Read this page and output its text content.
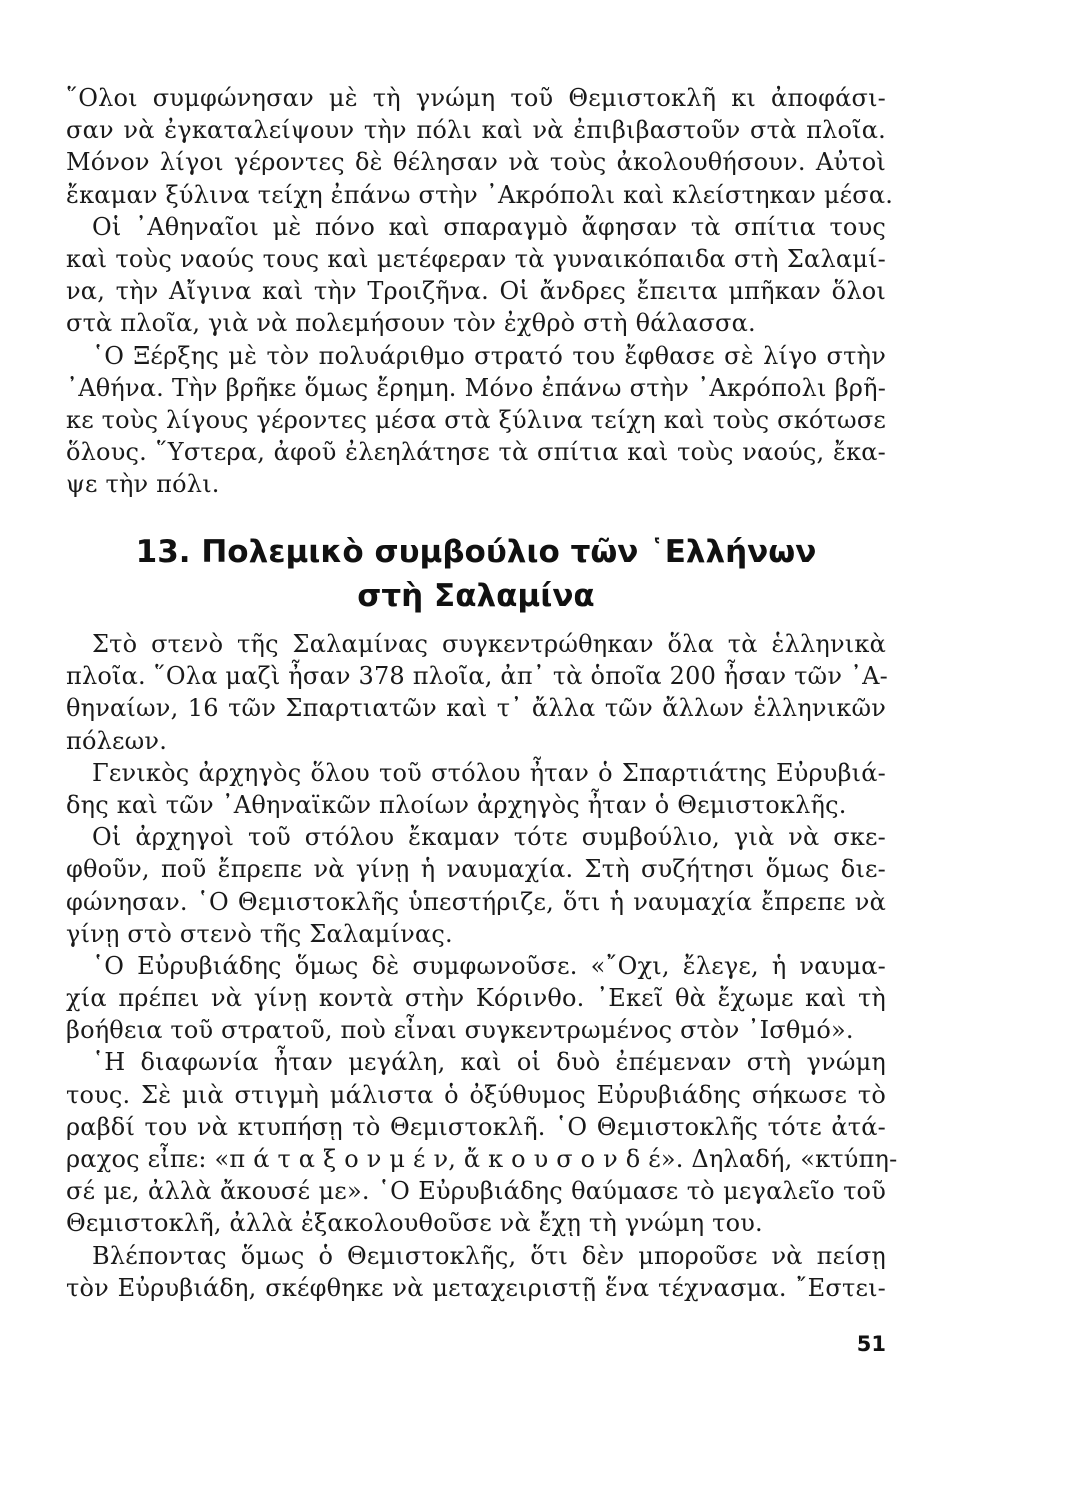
῞Ολοι συμφώνησαν μὲ τὴ γνώμη τοῦ Θεμιστοκλῆ κι ἀποφάσι-
σαν νὰ ἐγκαταλείψουν τὴν πόλι καὶ νὰ ἐπιβιβαστοῦν στὰ πλοῖα.
Μόνον λίγοι γέροντες δὲ θέλησαν νὰ τοὺς ἀκολουθήσουν. Αὐτοὶ
ἔκαμαν ξύλινα τείχη ἐπάνω στὴν ᾿Ακρόπολι καὶ κλείστηκαν μέσα.
Οἱ ᾿Αθηναῖοι μὲ πόνο καὶ σπαραγμὸ ἄφησαν τὰ σπίτια τους
καὶ τοὺς ναούς τους καὶ μετέφεραν τὰ γυναικόπαιδα στὴ Σαλαμί-
να, τὴν Αἴγινα καὶ τὴν Τροιζῆνα. Οἱ ἄνδρες ἔπειτα μπῆκαν ὅλοι
στὰ πλοῖα, γιὰ νὰ πολεμήσουν τὸν ἐχθρὸ στὴ θάλασσα.
῾Ο Ξέρξης μὲ τὸν πολυάριθμο στρατό του ἔφθασε σὲ λίγο στὴν
᾿Αθήνα. Τὴν βρῆκε ὅμως ἔρημη. Μόνο ἐπάνω στὴν ᾿Ακρόπολι βρῆ-
κε τοὺς λίγους γέροντες μέσα στὰ ξύλινα τείχη καὶ τοὺς σκότωσε
ὅλους. ῞Υστερα, ἀφοῦ ἐλεηλάτησε τὰ σπίτια καὶ τοὺς ναούς, ἔκα-
ψε τὴν πόλι.
13. Πολεμικὸ συμβούλιο τῶν ῾Ελλήνων
στὴ Σαλαμίνα
Στὸ στενὸ τῆς Σαλαμίνας συγκεντρώθηκαν ὅλα τὰ ἑλληνικὰ
πλοῖα. ῞Ολα μαζὶ ἦσαν 378 πλοῖα, ἀπ᾿ τὰ ὁποῖα 200 ἦσαν τῶν ᾿Α-
θηναίων, 16 τῶν Σπαρτιατῶν καὶ τ᾿ ἄλλα τῶν ἄλλων ἑλληνικῶν
πόλεων.
Γενικὸς ἀρχηγὸς ὅλου τοῦ στόλου ἦταν ὁ Σπαρτιάτης Εὐρυβιά-
δης καὶ τῶν ᾿Αθηναϊκῶν πλοίων ἀρχηγὸς ἦταν ὁ Θεμιστοκλῆς.
Οἱ ἀρχηγοὶ τοῦ στόλου ἔκαμαν τότε συμβούλιο, γιὰ νὰ σκε-
φθοῦν, ποῦ ἔπρεπε νὰ γίνῃ ἡ ναυμαχία. Στὴ συζήτησι ὅμως διε-
φώνησαν. ῾Ο Θεμιστοκλῆς ὑπεστήριζε, ὅτι ἡ ναυμαχία ἔπρεπε νὰ
γίνῃ στὸ στενὸ τῆς Σαλαμίνας.
῾Ο Εὐρυβιάδης ὅμως δὲ συμφωνοῦσε. «῎Οχι, ἔλεγε, ἡ ναυμα-
χία πρέπει νὰ γίνῃ κοντὰ στὴν Κόρινθο. ᾿Εκεῖ θὰ ἔχωμε καὶ τὴ
βοήθεια τοῦ στρατοῦ, ποὺ εἶναι συγκεντρωμένος στὸν ᾿Ισθμό».
῾Η διαφωνία ἦταν μεγάλη, καὶ οἱ δυὸ ἐπέμεναν στὴ γνώμη
τους. Σὲ μιὰ στιγμὴ μάλιστα ὁ ὀξύθυμος Εὐρυβιάδης σήκωσε τὸ
ραβδί του νὰ κτυπήσῃ τὸ Θεμιστοκλῆ. ῾Ο Θεμιστοκλῆς τότε ἀτά-
ραχος εἶπε: «π ά τ α ξ ο ν μ έ ν, ἄ κ ο υ σ ο ν δ έ». Δηλαδή, «κτύπη-
σέ με, ἀλλὰ ἄκουσέ με». ῾Ο Εὐρυβιάδης θαύμασε τὸ μεγαλεῖο τοῦ
Θεμιστοκλῆ, ἀλλὰ ἐξακολουθοῦσε νὰ ἔχῃ τὴ γνώμη του.
Βλέποντας ὅμως ὁ Θεμιστοκλῆς, ὅτι δὲν μποροῦσε νὰ πείσῃ
τὸν Εὐρυβιάδη, σκέφθηκε νὰ μεταχειριστῇ ἕνα τέχνασμα. ῎Εστει-
51
